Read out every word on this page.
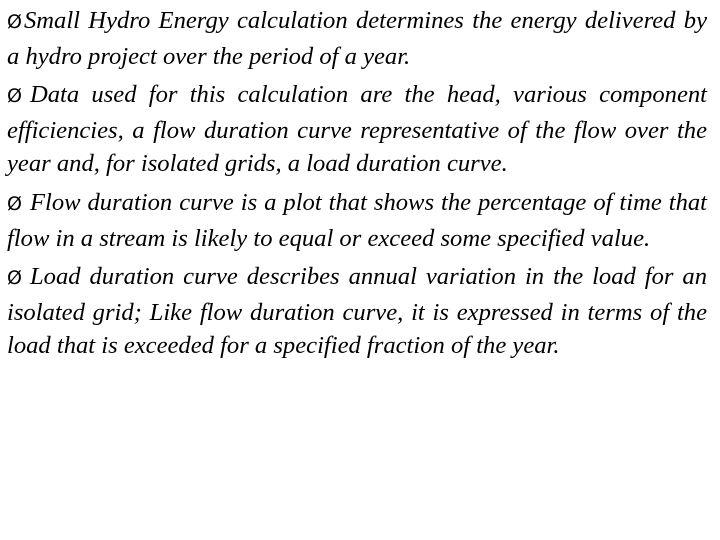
ØSmall Hydro Energy calculation determines the energy delivered by a hydro project over the period of a year.
Ø Data used for this calculation are the head, various component efficiencies, a flow duration curve representative of the flow over the year and, for isolated grids, a load duration curve.
Ø Flow duration curve is a plot that shows the percentage of time that flow in a stream is likely to equal or exceed some specified value.
Ø Load duration curve describes annual variation in the load for an isolated grid; Like flow duration curve, it is expressed in terms of the load that is exceeded for a specified fraction of the year.
